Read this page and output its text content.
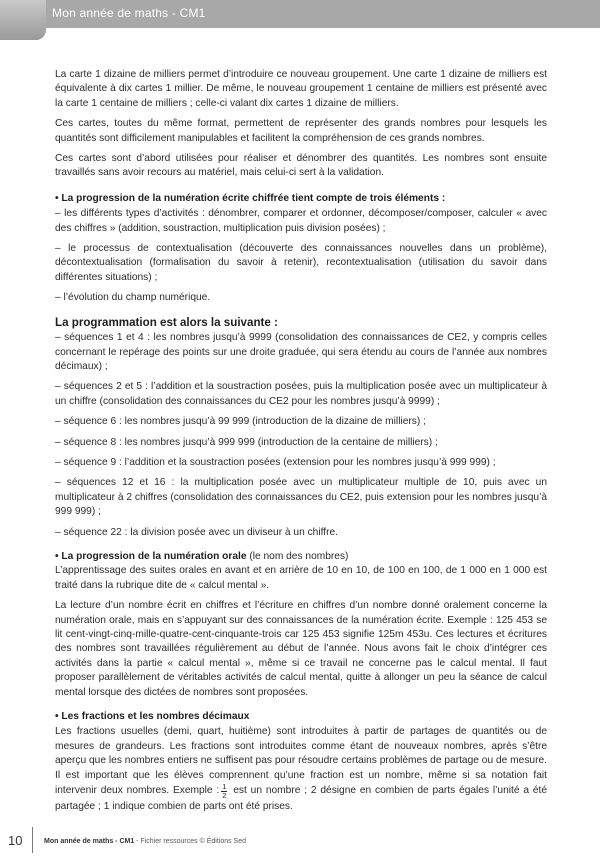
Mon année de maths - CM1

La carte 1 dizaine de milliers permet d’introduire ce nouveau groupement. Une carte 1 dizaine de milliers est équivalente à dix cartes 1 millier. De même, le nouveau groupement 1 centaine de milliers est présenté avec la carte 1 centaine de milliers ; celle-ci valant dix cartes 1 dizaine de milliers.

Ces cartes, toutes du même format, permettent de représenter des grands nombres pour lesquels les quantités sont difficilement manipulables et facilitent la compréhension de ces grands nombres.

Ces cartes sont d’abord utilisées pour réaliser et dénombrer des quantités. Les nombres sont ensuite travaillés sans avoir recours au matériel, mais celui-ci sert à la validation.

• La progression de la numération écrite chiffrée tient compte de trois éléments :

– les différents types d’activités : dénombrer, comparer et ordonner, décomposer/composer, calculer « avec des chiffres » (addition, soustraction, multiplication puis division posées) ;

– le processus de contextualisation (découverte des connaissances nouvelles dans un problème), décontextualisation (formalisation du savoir à retenir), recontextualisation (utilisation du savoir dans différentes situations) ;

– l’évolution du champ numérique.

La programmation est alors la suivante :

– séquences 1 et 4 : les nombres jusqu’à 9999 (consolidation des connaissances de CE2, y compris celles concernant le repérage des points sur une droite graduée, qui sera étendu au cours de l’année aux nombres décimaux) ;

– séquences 2 et 5 : l’addition et la soustraction posées, puis la multiplication posée avec un multiplicateur à un chiffre (consolidation des connaissances du CE2 pour les nombres jusqu’à 9999) ;

– séquence 6 : les nombres jusqu’à 99 999 (introduction de la dizaine de milliers) ;

– séquence 8 : les nombres jusqu’à 999 999 (introduction de la centaine de milliers) ;

– séquence 9 : l’addition et la soustraction posées (extension pour les nombres jusqu’à 999 999) ;

– séquences 12 et 16 : la multiplication posée avec un multiplicateur multiple de 10, puis avec un multiplicateur à 2 chiffres (consolidation des connaissances du CE2, puis extension pour les nombres jusqu’à 999 999) ;

– séquence 22 : la division posée avec un diviseur à un chiffre.

• La progression de la numération orale (le nom des nombres)

L’apprentissage des suites orales en avant et en arrière de 10 en 10, de 100 en 100, de 1 000 en 1 000 est traité dans la rubrique dite de « calcul mental ».

La lecture d’un nombre écrit en chiffres et l’écriture en chiffres d’un nombre donné oralement concerne la numération orale, mais en s’appuyant sur des connaissances de la numération écrite. Exemple : 125 453 se lit cent-vingt-cinq-mille-quatre-cent-cinquante-trois car 125 453 signifie 125m 453u. Ces lectures et écritures des nombres sont travaillées régulièrement au début de l’année. Nous avons fait le choix d’intégrer ces activités dans la partie « calcul mental », même si ce travail ne concerne pas le calcul mental. Il faut proposer parallèlement de véritables activités de calcul mental, quitte à allonger un peu la séance de calcul mental lorsque des dictées de nombres sont proposées.

• Les fractions et les nombres décimaux

Les fractions usuelles (demi, quart, huitième) sont introduites à partir de partages de quantités ou de mesures de grandeurs. Les fractions sont introduites comme étant de nouveaux nombres, après s’être aperçu que les nombres entiers ne suffisent pas pour résoudre certains problèmes de partage ou de mesure. Il est important que les élèves comprennent qu’une fraction est un nombre, même si sa notation fait intervenir deux nombres. Exemple : $\frac{1}{2}$ est un nombre ; 2 désigne en combien de parts égales l’unité a été partagée ; 1 indique combien de parts ont été prises.

10	Mon année de maths - CM1 - Fichier ressources © Éditions Sed
